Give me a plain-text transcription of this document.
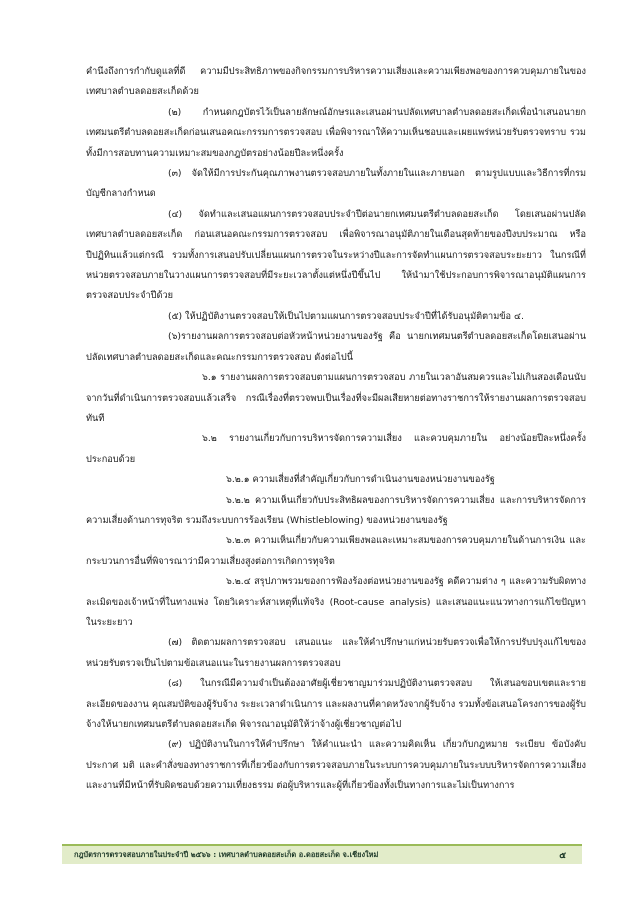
คำนึงถึงการกำกับดูแลที่ดี ความมีประสิทธิภาพของกิจกรรมการบริหารความเสี่ยงและความเพียงพอของการควบคุมภายในของเทศบาลตำบลดอยสะเก็ดด้วย

(๒) กำหนดกฎบัตรไว้เป็นลายลักษณ์อักษรและเสนอผ่านปลัดเทศบาลตำบลดอยสะเก็ดเพื่อนำเสนอนายกเทศมนตรีตำบลดอยสะเก็ดก่อนเสนอคณะกรรมการตรวจสอบ เพื่อพิจารณาให้ความเห็นชอบและเผยแพร่หน่วยรับตรวจทราบ รวมทั้งมีการสอบทานความเหมาะสมของกฎบัตรอย่างน้อยปีละหนึ่งครั้ง

(๓) จัดให้มีการประกันคุณภาพงานตรวจสอบภายในทั้งภายในและภายนอก ตามรูปแบบและวิธีการที่กรมบัญชีกลางกำหนด

(๔) จัดทำและเสนอแผนการตรวจสอบประจำปีต่อนายกเทศมนตรีตำบลดอยสะเก็ด โดยเสนอผ่านปลัดเทศบาลตำบลดอยสะเก็ด ก่อนเสนอคณะกรรมการตรวจสอบ เพื่อพิจารณาอนุมัติภายในเดือนสุดท้ายของปีงบประมาณ หรือปีปฏิทินแล้วแต่กรณี รวมทั้งการเสนอปรับเปลี่ยนแผนการตรวจในระหว่างปีและการจัดทำแผนการตรวจสอบระยะยาว ในกรณีที่หน่วยตรวจสอบภายในวางแผนการตรวจสอบที่มีระยะเวลาตั้งแต่หนึ่งปีขึ้นไป ให้นำมาใช้ประกอบการพิจารณาอนุมัติแผนการตรวจสอบประจำปีด้วย

(๕) ให้ปฏิบัติงานตรวจสอบให้เป็นไปตามแผนการตรวจสอบประจำปีที่ได้รับอนุมัติตามข้อ ๔.

(๖)รายงานผลการตรวจสอบต่อหัวหน้าหน่วยงานของรัฐ คือ นายกเทศมนตรีตำบลดอยสะเก็ดโดยเสนอผ่านปลัดเทศบาลตำบลดอยสะเก็ดและคณะกรรมการตรวจสอบ ดังต่อไปนี้

๖.๑ รายงานผลการตรวจสอบตามแผนการตรวจสอบ ภายในเวลาอันสมควรและไม่เกินสองเดือนนับจากวันที่ดำเนินการตรวจสอบแล้วเสร็จ กรณีเรื่องที่ตรวจพบเป็นเรื่องที่จะมีผลเสียหายต่อทางราชการให้รายงานผลการตรวจสอบทันที

๖.๒ รายงานเกี่ยวกับการบริหารจัดการความเสี่ยง และควบคุมภายใน อย่างน้อยปีละหนึ่งครั้งประกอบด้วย

๖.๒.๑ ความเสี่ยงที่สำคัญเกี่ยวกับการดำเนินงานของหน่วยงานของรัฐ

๖.๒.๒ ความเห็นเกี่ยวกับประสิทธิผลของการบริหารจัดการความเสี่ยง และการบริหารจัดการความเสี่ยงด้านการทุจริต รวมถึงระบบการร้องเรียน (Whistleblowing) ของหน่วยงานของรัฐ

๖.๒.๓ ความเห็นเกี่ยวกับความเพียงพอและเหมาะสมของการควบคุมภายในด้านการเงิน และกระบวนการอื่นที่พิจารณาว่ามีความเสี่ยงสูงต่อการเกิดการทุจริต

๖.๒.๔ สรุปภาพรวมของการฟ้องร้องต่อหน่วยงานของรัฐ คดีความต่าง ๆ และความรับผิดทางละเมิดของเจ้าหน้าที่ในทางแพ่ง โดยวิเคราะห์สาเหตุที่แท้จริง (Root-cause analysis) และเสนอแนะแนวทางการแก้ไขปัญหาในระยะยาว

(๗) ติดตามผลการตรวจสอบ เสนอแนะ และให้คำปรึกษาแก่หน่วยรับตรวจเพื่อให้การปรับปรุงแก้ไขของหน่วยรับตรวจเป็นไปตามข้อเสนอแนะในรายงานผลการตรวจสอบ

(๘) ในกรณีมีความจำเป็นต้องอาศัยผู้เชี่ยวชาญมาร่วมปฏิบัติงานตรวจสอบ ให้เสนอขอบเขตและรายละเอียดของงาน คุณสมบัติของผู้รับจ้าง ระยะเวลาดำเนินการ และผลงานที่คาดหวังจากผู้รับจ้าง รวมทั้งข้อเสนอโครงการของผู้รับจ้างให้นายกเทศมนตรีตำบลดอยสะเก็ด พิจารณาอนุมัติให้ว่าจ้างผู้เชี่ยวชาญต่อไป

(๙) ปฏิบัติงานในการให้คำปรึกษา ให้คำแนะนำ และความคิดเห็น เกี่ยวกับกฎหมาย ระเบียบ ข้อบังคับ ประกาศ มติ และคำสั่งของทางราชการที่เกี่ยวข้องกับการตรวจสอบภายในระบบการควบคุมภายในระบบบริหารจัดการความเสี่ยงและงานที่มีหน้าที่รับผิดชอบด้วยความเที่ยงธรรม ต่อผู้บริหารและผู้ที่เกี่ยวข้องทั้งเป็นทางการและไม่เป็นทางการ

กฎบัตรการตรวจสอบภายในประจำปี ๒๕๖๖ : เทศบาลตำบลดอยสะเก็ด อ.ดอยสะเก็ด จ.เชียงใหม่	๕
